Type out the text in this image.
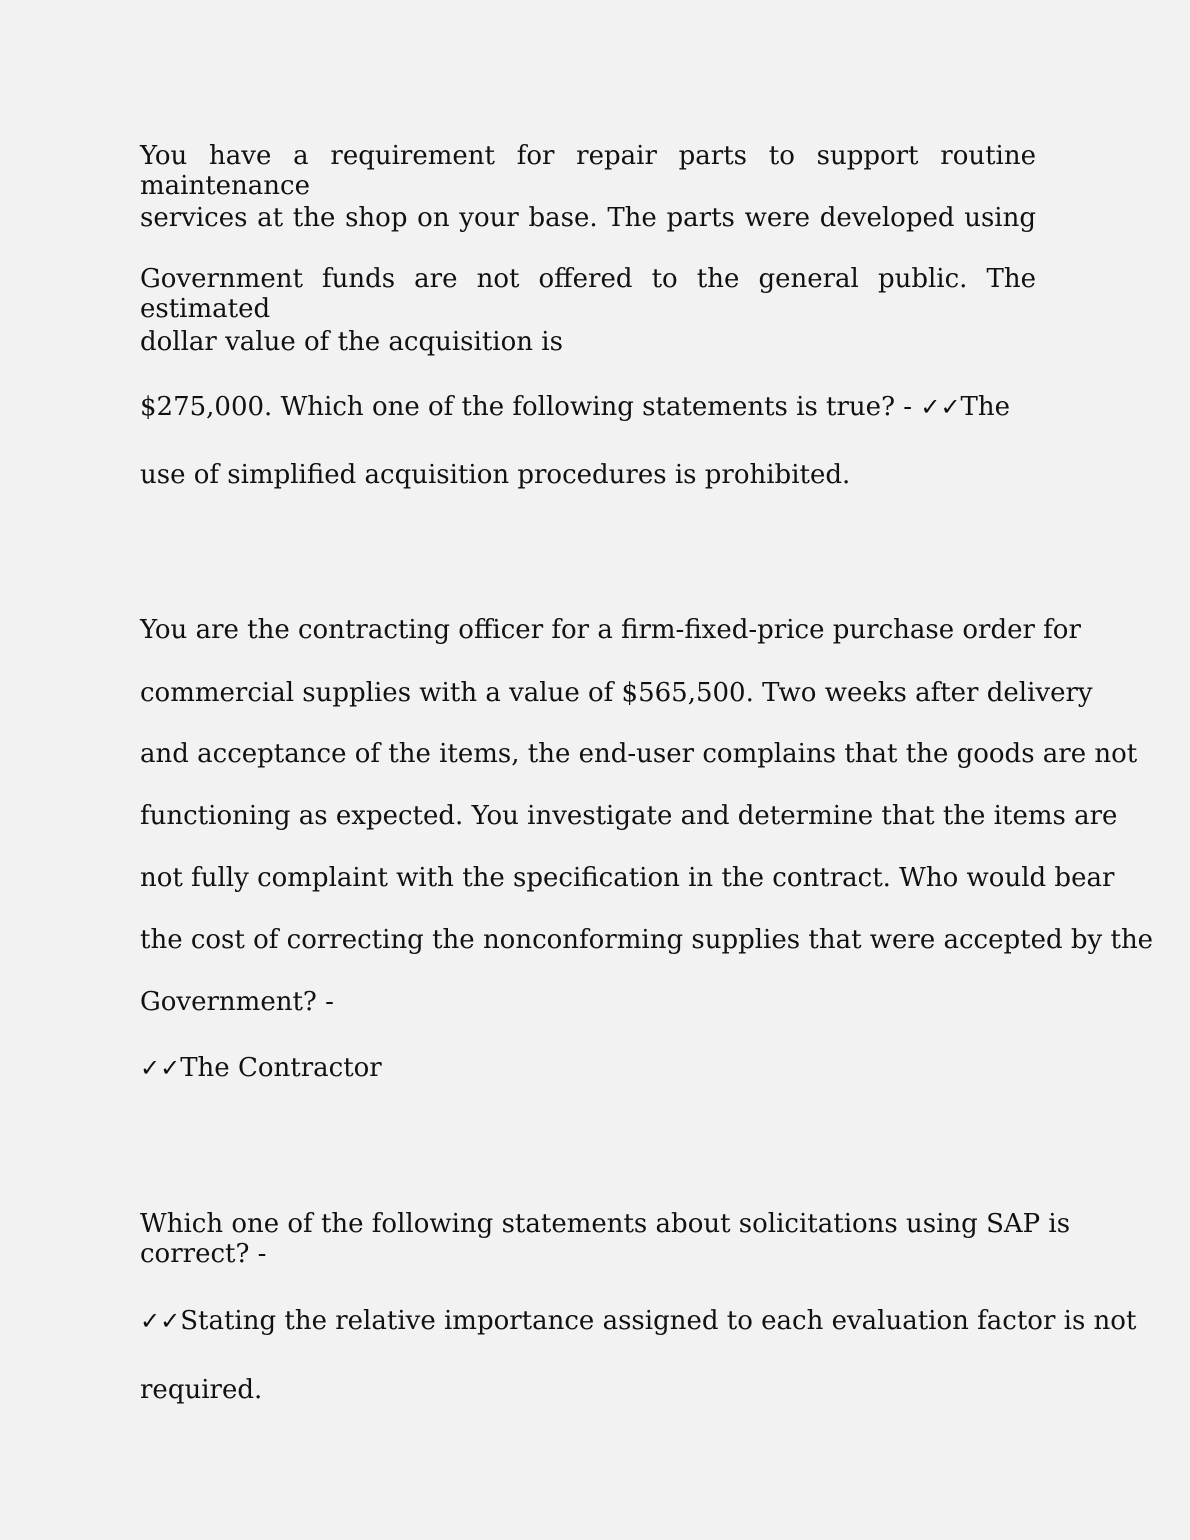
You have a requirement for repair parts to support routine maintenance

services at the shop on your base. The parts were developed using

Government funds are not offered to the general public. The estimated

dollar value of the acquisition is

$275,000. Which one of the following statements is true? - ✓✓The

use of simplified acquisition procedures is prohibited.

You are the contracting officer for a firm-fixed-price purchase order for

commercial supplies with a value of $565,500. Two weeks after delivery

and acceptance of the items, the end-user complains that the goods are not

functioning as expected. You investigate and determine that the items are

not fully complaint with the specification in the contract. Who would bear

the cost of correcting the nonconforming supplies that were accepted by the

Government? -

✓✓The Contractor

Which one of the following statements about solicitations using SAP is

correct? -

✓✓Stating the relative importance assigned to each evaluation factor is not

required.
